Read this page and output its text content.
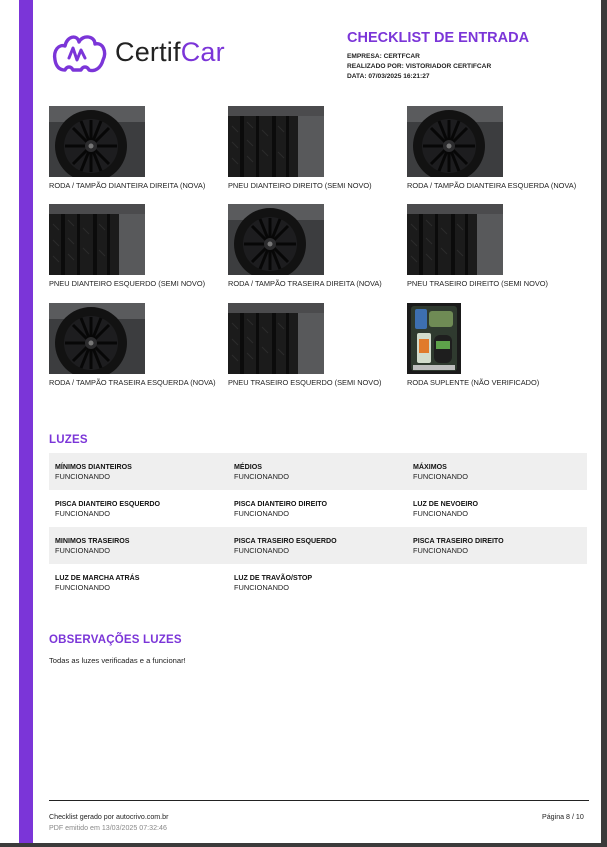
CertifCar	CHECKLIST DE ENTRADA
EMPRESA: CERTFCAR
REALIZADO POR: VISTORIADOR CERTIFCAR
DATA: 07/03/2025 16:21:27
RODA / TAMPÃO DIANTEIRA DIREITA (NOVA)	PNEU DIANTEIRO DIREITO (SEMI NOVO)	RODA / TAMPÃO DIANTEIRA ESQUERDA (NOVA)
PNEU DIANTEIRO ESQUERDO (SEMI NOVO)	RODA / TAMPÃO TRASEIRA DIREITA (NOVA)	PNEU TRASEIRO DIREITO (SEMI NOVO)
RODA / TAMPÃO TRASEIRA ESQUERDA (NOVA)	PNEU TRASEIRO ESQUERDO (SEMI NOVO)	RODA SUPLENTE (NÃO VERIFICADO)
LUZES
MÍNIMOS DIANTEIROS
FUNCIONANDO
MÉDIOS
FUNCIONANDO
MÁXIMOS
FUNCIONANDO
PISCA DIANTEIRO ESQUERDO
FUNCIONANDO
PISCA DIANTEIRO DIREITO
FUNCIONANDO
LUZ DE NEVOEIRO
FUNCIONANDO
MINIMOS TRASEIROS
FUNCIONANDO
PISCA TRASEIRO ESQUERDO
FUNCIONANDO
PISCA TRASEIRO DIREITO
FUNCIONANDO
LUZ DE MARCHA ATRÁS
FUNCIONANDO
LUZ DE TRAVÃO/STOP
FUNCIONANDO
OBSERVAÇÕES LUZES
Todas as luzes verificadas e a funcionar!
Checklist gerado por autocrivo.com.br
PDF emitido em 13/03/2025 07:32:46
Página 8 / 10
